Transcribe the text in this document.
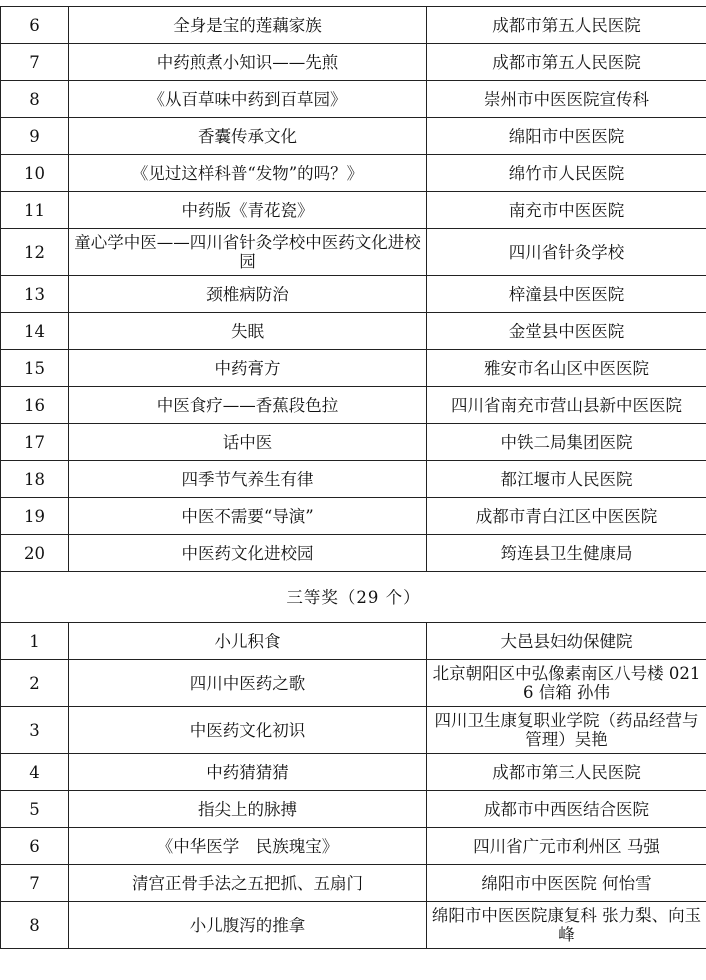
6	全身是宝的莲藕家族	成都市第五人民医院
7	中药煎煮小知识——先煎	成都市第五人民医院
8	《从百草味中药到百草园》	崇州市中医医院宣传科
9	香囊传承文化	绵阳市中医医院
10	《见过这样科普“发物”的吗？》	绵竹市人民医院
11	中药版《青花瓷》	南充市中医医院
12	童心学中医——四川省针灸学校中医药文化进校园	四川省针灸学校
13	颈椎病防治	梓潼县中医医院
14	失眠	金堂县中医医院
15	中药膏方	雅安市名山区中医医院
16	中医食疗——香蕉段色拉	四川省南充市营山县新中医医院
17	话中医	中铁二局集团医院
18	四季节气养生有律	都江堰市人民医院
19	中医不需要“导演”	成都市青白江区中医医院
20	中医药文化进校园	筠连县卫生健康局
三等奖（29 个）		
1	小儿积食	大邑县妇幼保健院
2	四川中医药之歌	北京朝阳区中弘像素南区八号楼 0216 信箱 孙伟
3	中医药文化初识	四川卫生康复职业学院（药品经营与管理）吴艳
4	中药猜猜猜	成都市第三人民医院
5	指尖上的脉搏	成都市中西医结合医院
6	《中华医学　民族瑰宝》	四川省广元市利州区 马强
7	清宫正骨手法之五把抓、五扇门	绵阳市中医医院 何怡雪
8	小儿腹泻的推拿	绵阳市中医医院康复科 张力梨、向玉峰
